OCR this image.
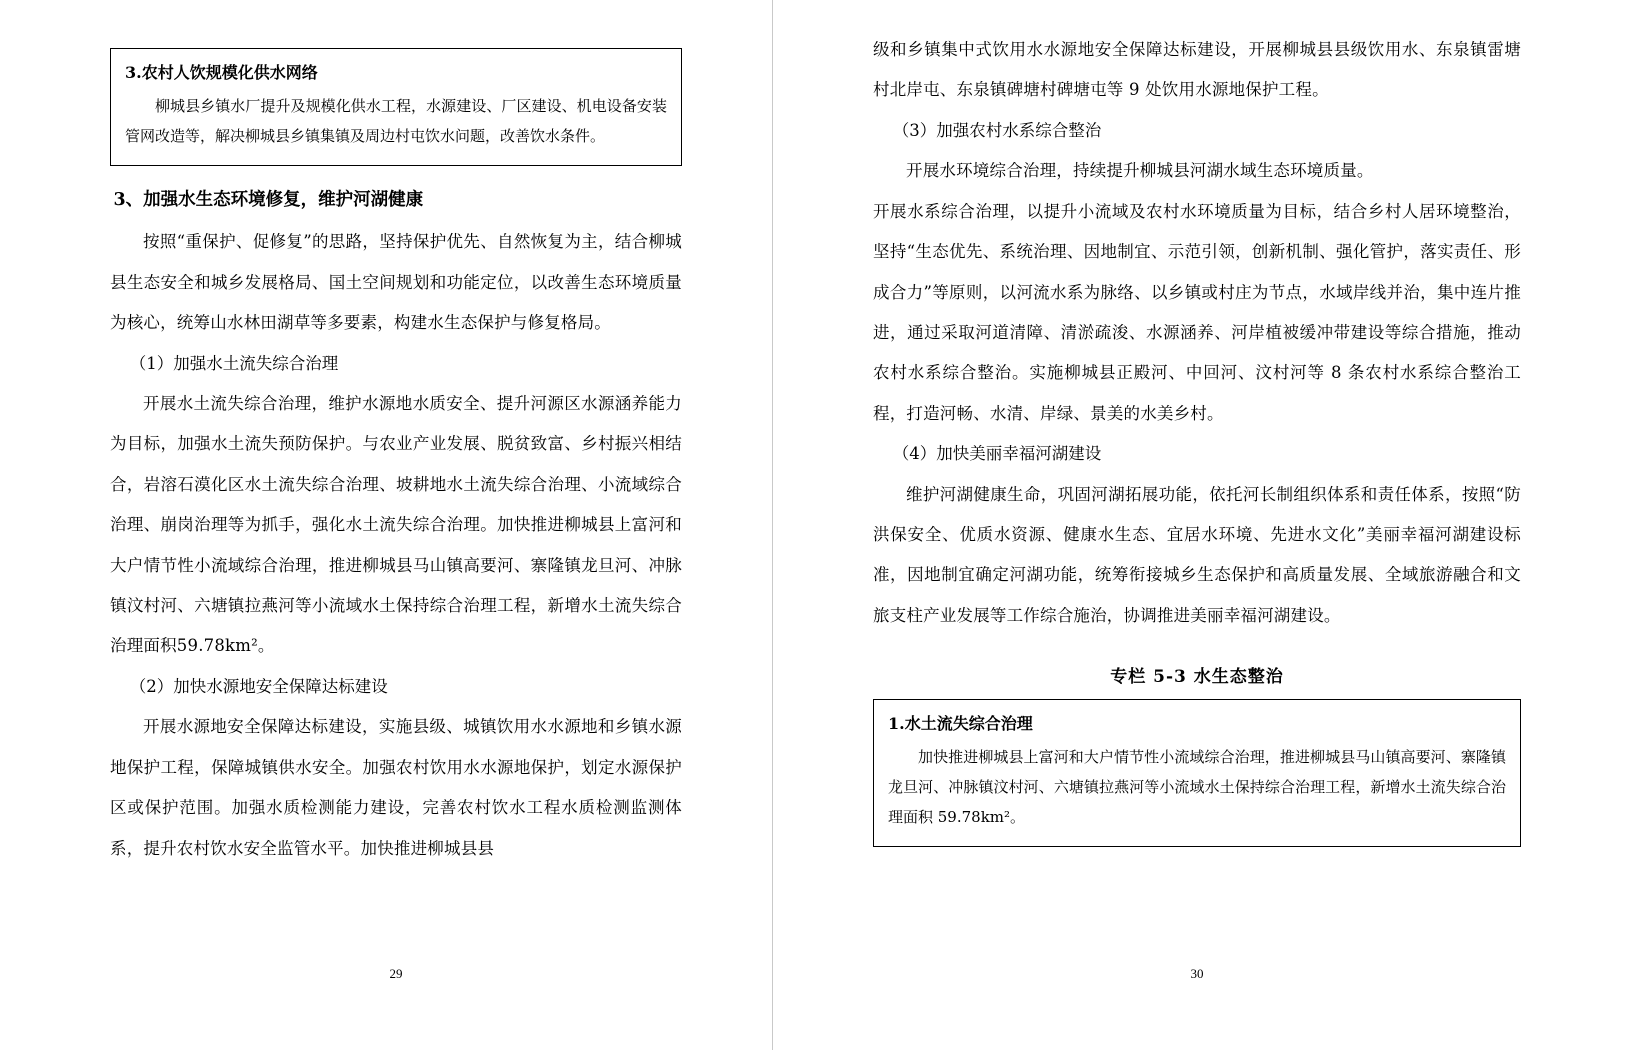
3.农村人饮规模化供水网络
柳城县乡镇水厂提升及规模化供水工程，水源建设、厂区建设、机电设备安装管网改造等，解决柳城县乡镇集镇及周边村屯饮水问题，改善饮水条件。
3、加强水生态环境修复，维护河湖健康

按照“重保护、促修复”的思路，坚持保护优先、自然恢复为主，结合柳城县生态安全和城乡发展格局、国土空间规划和功能定位，以改善生态环境质量为核心，统筹山水林田湖草等多要素，构建水生态保护与修复格局。

（1）加强水土流失综合治理

开展水土流失综合治理，维护水源地水质安全、提升河源区水源涵养能力为目标，加强水土流失预防保护。与农业产业发展、脱贫致富、乡村振兴相结合，岩溶石漠化区水土流失综合治理、坡耕地水土流失综合治理、小流域综合治理、崩岗治理等为抓手，强化水土流失综合治理。加快推进柳城县上富河和大户情节性小流域综合治理，推进柳城县马山镇高要河、寨隆镇龙旦河、冲脉镇汶村河、六塘镇拉燕河等小流域水土保持综合治理工程，新增水土流失综合治理面积59.78km²。

（2）加快水源地安全保障达标建设

开展水源地安全保障达标建设，实施县级、城镇饮用水水源地和乡镇水源地保护工程，保障城镇供水安全。加强农村饮用水水源地保护，划定水源保护区或保护范围。加强水质检测能力建设，完善农村饮水工程水质检测监测体系，提升农村饮水安全监管水平。加快推进柳城县县

29

级和乡镇集中式饮用水水源地安全保障达标建设，开展柳城县县级饮用水、东泉镇雷塘村北岸屯、东泉镇碑塘村碑塘屯等 9 处饮用水源地保护工程。

（3）加强农村水系综合整治

开展水环境综合治理，持续提升柳城县河湖水域生态环境质量。

开展水系综合治理，以提升小流域及农村水环境质量为目标，结合乡村人居环境整治，坚持“生态优先、系统治理、因地制宜、示范引领，创新机制、强化管护，落实责任、形成合力”等原则，以河流水系为脉络、以乡镇或村庄为节点，水域岸线并治，集中连片推进，通过采取河道清障、清淤疏浚、水源涵养、河岸植被缓冲带建设等综合措施，推动农村水系综合整治。实施柳城县正殿河、中回河、汶村河等 8 条农村水系综合整治工程，打造河畅、水清、岸绿、景美的水美乡村。

（4）加快美丽幸福河湖建设

维护河湖健康生命，巩固河湖拓展功能，依托河长制组织体系和责任体系，按照“防洪保安全、优质水资源、健康水生态、宜居水环境、先进水文化”美丽幸福河湖建设标准，因地制宜确定河湖功能，统筹衔接城乡生态保护和高质量发展、全域旅游融合和文旅支柱产业发展等工作综合施治，协调推进美丽幸福河湖建设。

专栏 5-3 水生态整治
1.水土流失综合治理
加快推进柳城县上富河和大户情节性小流域综合治理，推进柳城县马山镇高要河、寨隆镇龙旦河、冲脉镇汶村河、六塘镇拉燕河等小流域水土保持综合治理工程，新增水土流失综合治理面积 59.78km²。
30
